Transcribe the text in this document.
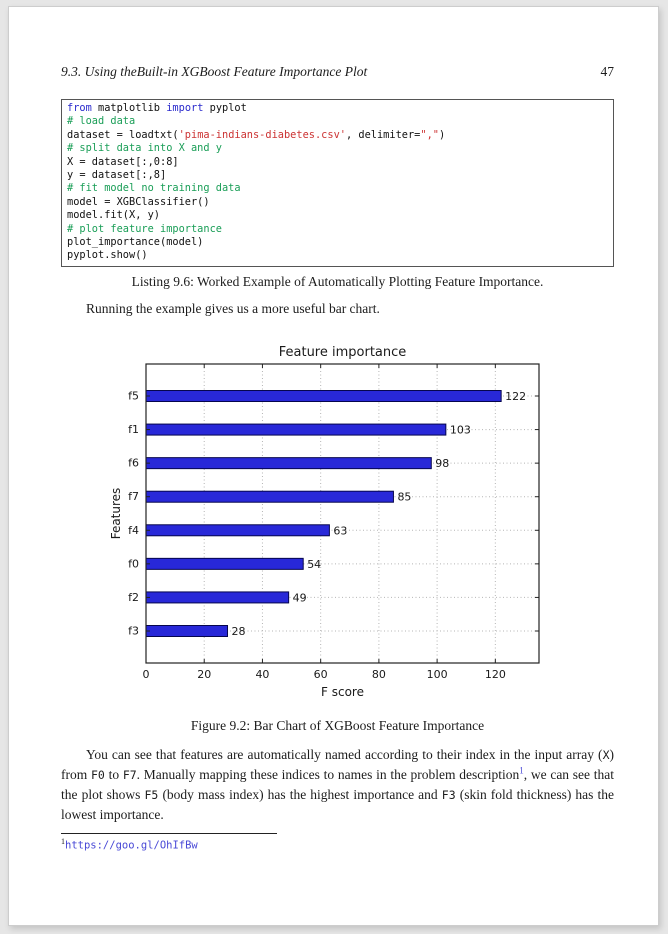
9.3. Using theBuilt-in XGBoost Feature Importance Plot	47
from matplotlib import pyplot
# load data
dataset = loadtxt('pima-indians-diabetes.csv', delimiter=",")
# split data into X and y
X = dataset[:,0:8]
y = dataset[:,8]
# fit model no training data
model = XGBClassifier()
model.fit(X, y)
# plot feature importance
plot_importance(model)
pyplot.show()
Listing 9.6: Worked Example of Automatically Plotting Feature Importance.
Running the example gives us a more useful bar chart.
122
f5
103
f1
98
f6
85
f7
63
f4
54
f0
49
f2
28
f3
0	20	40	60	80	100	120
Feature importance
F score
Features
Figure 9.2: Bar Chart of XGBoost Feature Importance
You can see that features are automatically named according to their index in the input array (X) from F0 to F7. Manually mapping these indices to names in the problem description$^1$, we can see that the plot shows F5 (body mass index) has the highest importance and F3 (skin fold thickness) has the lowest importance.
$^1$https://goo.gl/OhIfBw
